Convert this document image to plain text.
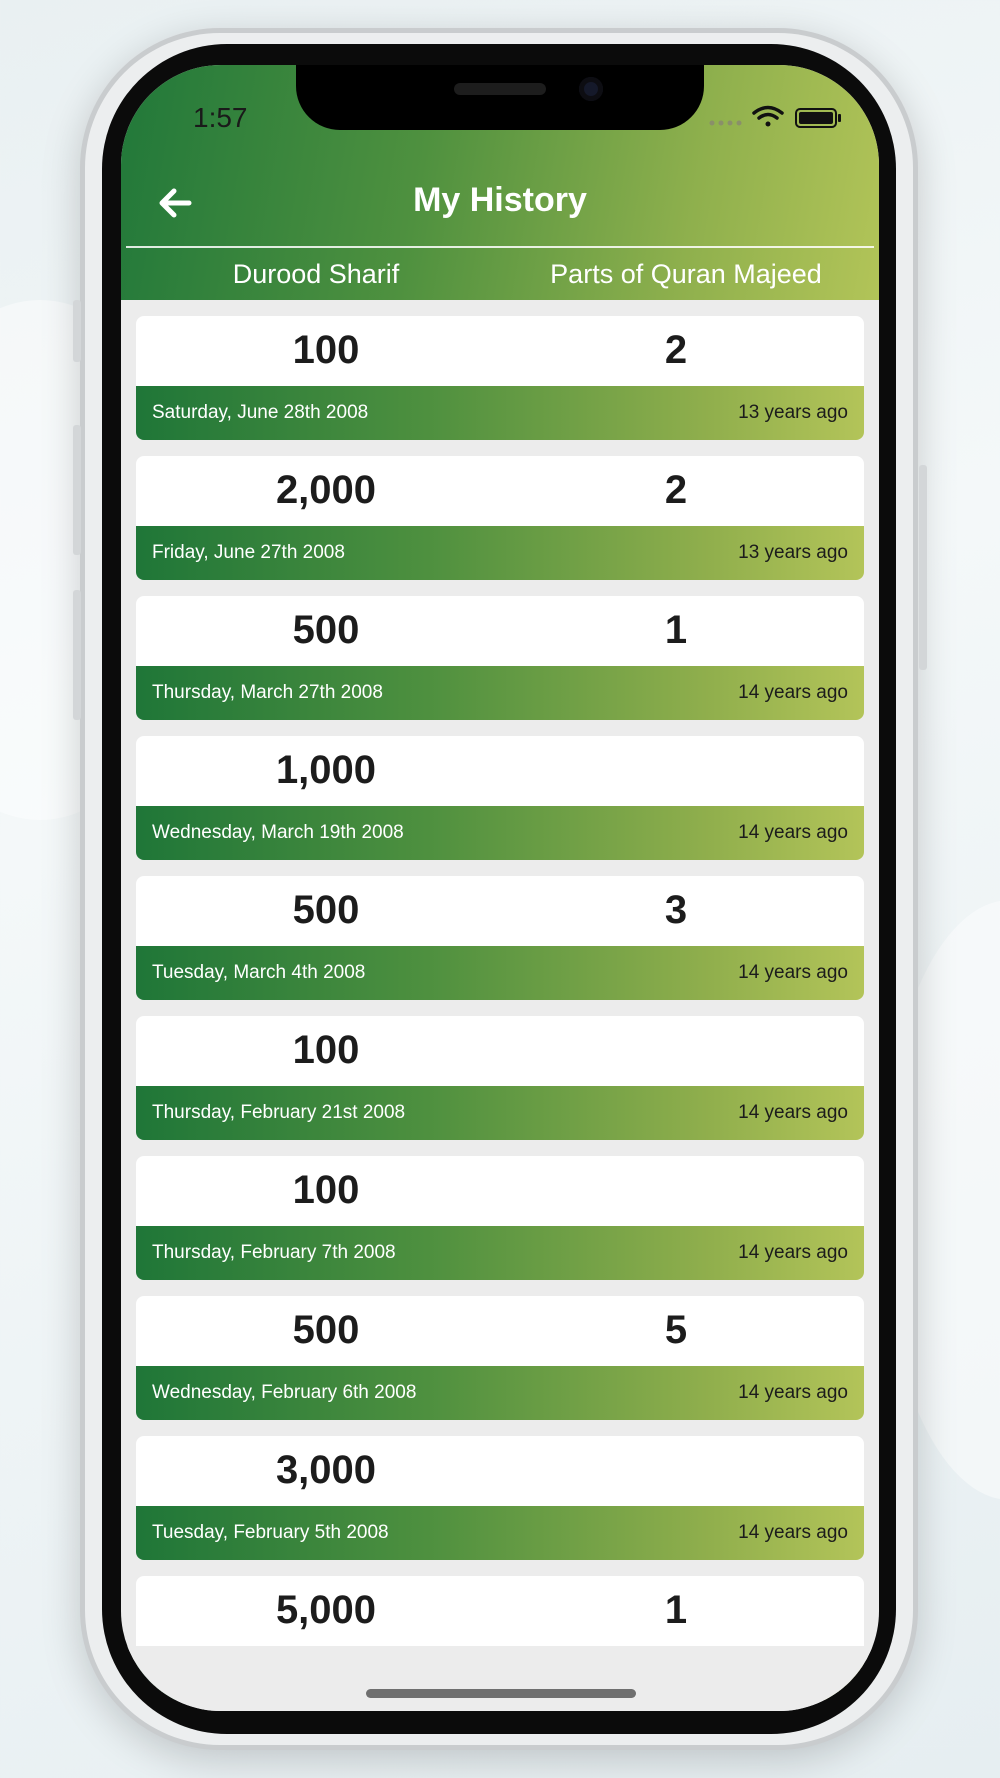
1:57
My History
Durood Sharif	Parts of Quran Majeed
100	2
Saturday, June 28th 2008	13 years ago
2,000	2
Friday, June 27th 2008	13 years ago
500	1
Thursday, March 27th 2008	14 years ago
1,000
Wednesday, March 19th 2008	14 years ago
500	3
Tuesday, March 4th 2008	14 years ago
100
Thursday, February 21st 2008	14 years ago
100
Thursday, February 7th 2008	14 years ago
500	5
Wednesday, February 6th 2008	14 years ago
3,000
Tuesday, February 5th 2008	14 years ago
5,000	1
